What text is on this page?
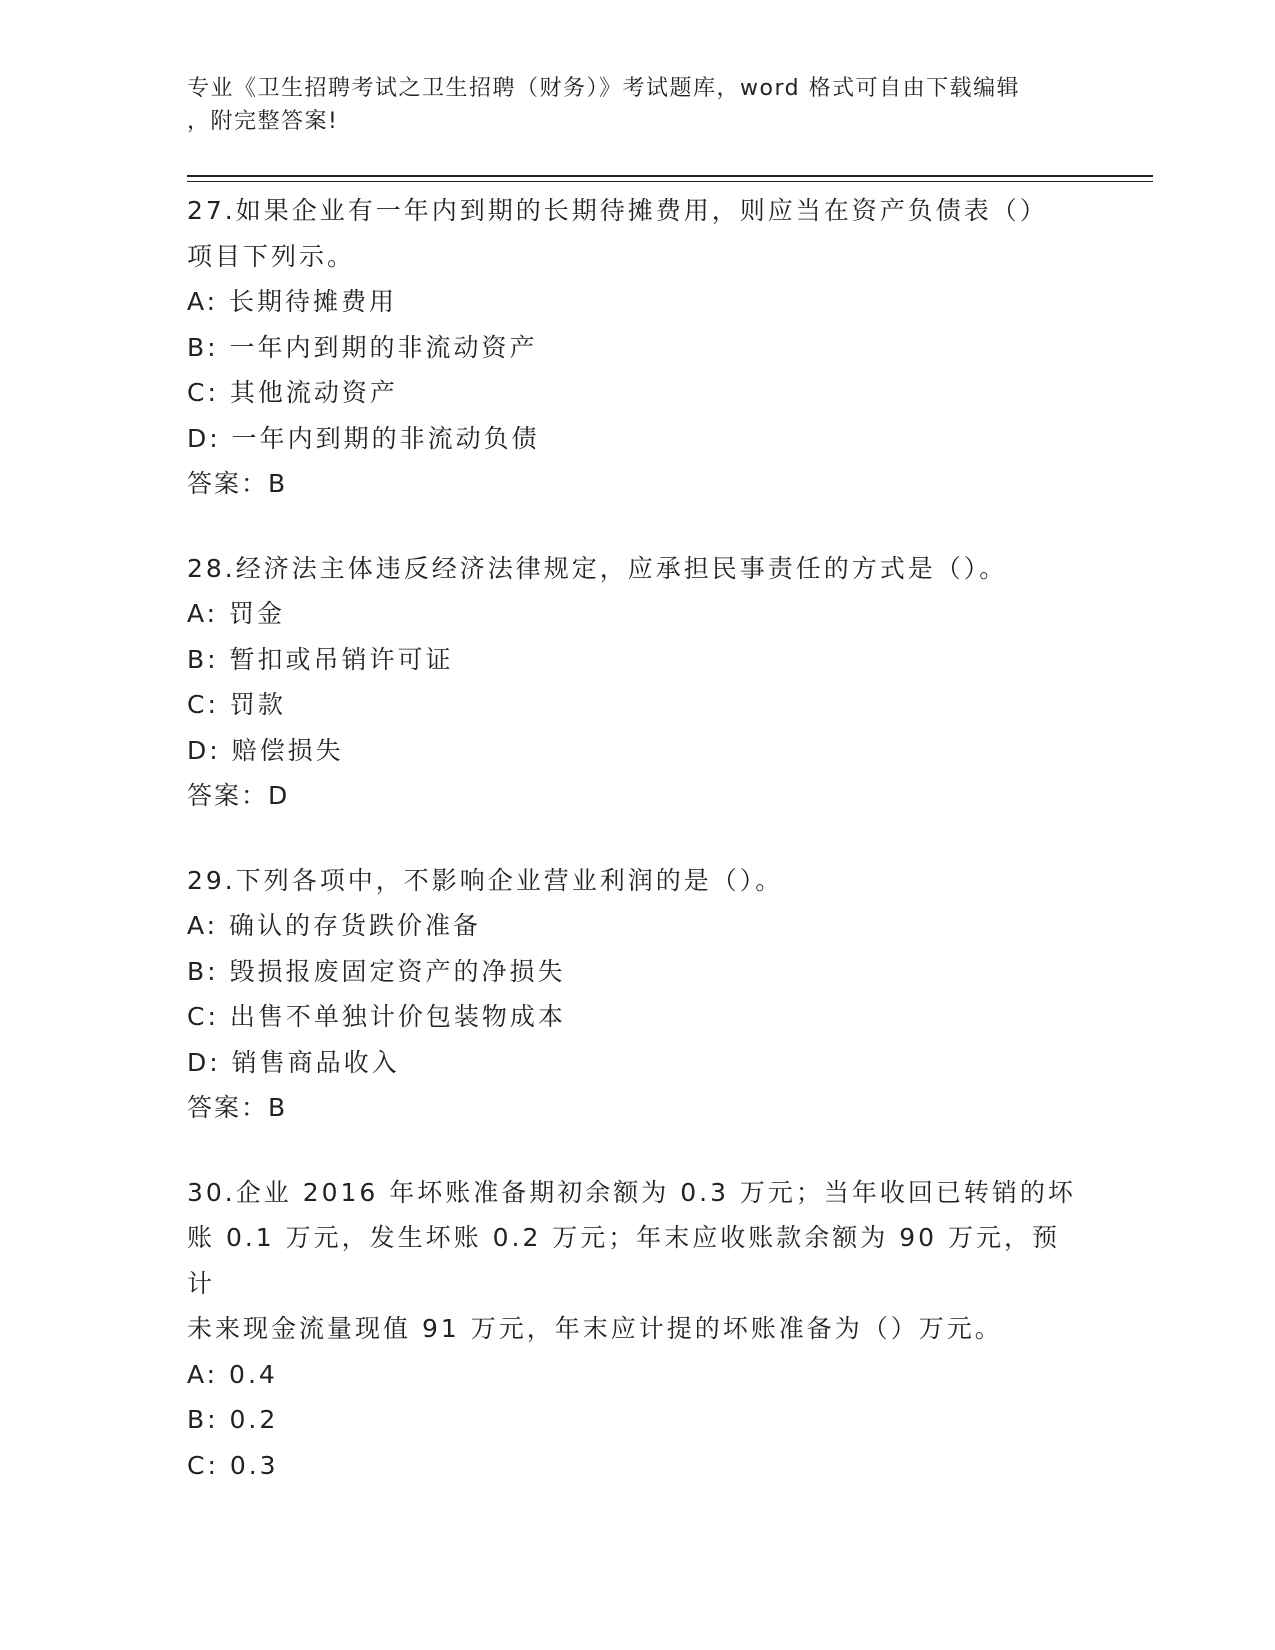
专业《卫生招聘考试之卫生招聘（财务）》考试题库，word 格式可自由下载编辑
，附完整答案!
27.如果企业有一年内到期的长期待摊费用，则应当在资产负债表（）
项目下列示。
A: 长期待摊费用
B: 一年内到期的非流动资产
C: 其他流动资产
D: 一年内到期的非流动负债
答案：B
28.经济法主体违反经济法律规定，应承担民事责任的方式是（）。
A: 罚金
B: 暂扣或吊销许可证
C: 罚款
D: 赔偿损失
答案：D
29.下列各项中，不影响企业营业利润的是（）。
A: 确认的存货跌价准备
B: 毁损报废固定资产的净损失
C: 出售不单独计价包装物成本
D: 销售商品收入
答案：B
30.企业 2016 年坏账准备期初余额为 0.3 万元；当年收回已转销的坏
账 0.1 万元，发生坏账 0.2 万元；年末应收账款余额为 90 万元，预计
未来现金流量现值 91 万元，年末应计提的坏账准备为（）万元。
A: 0.4
B: 0.2
C: 0.3
